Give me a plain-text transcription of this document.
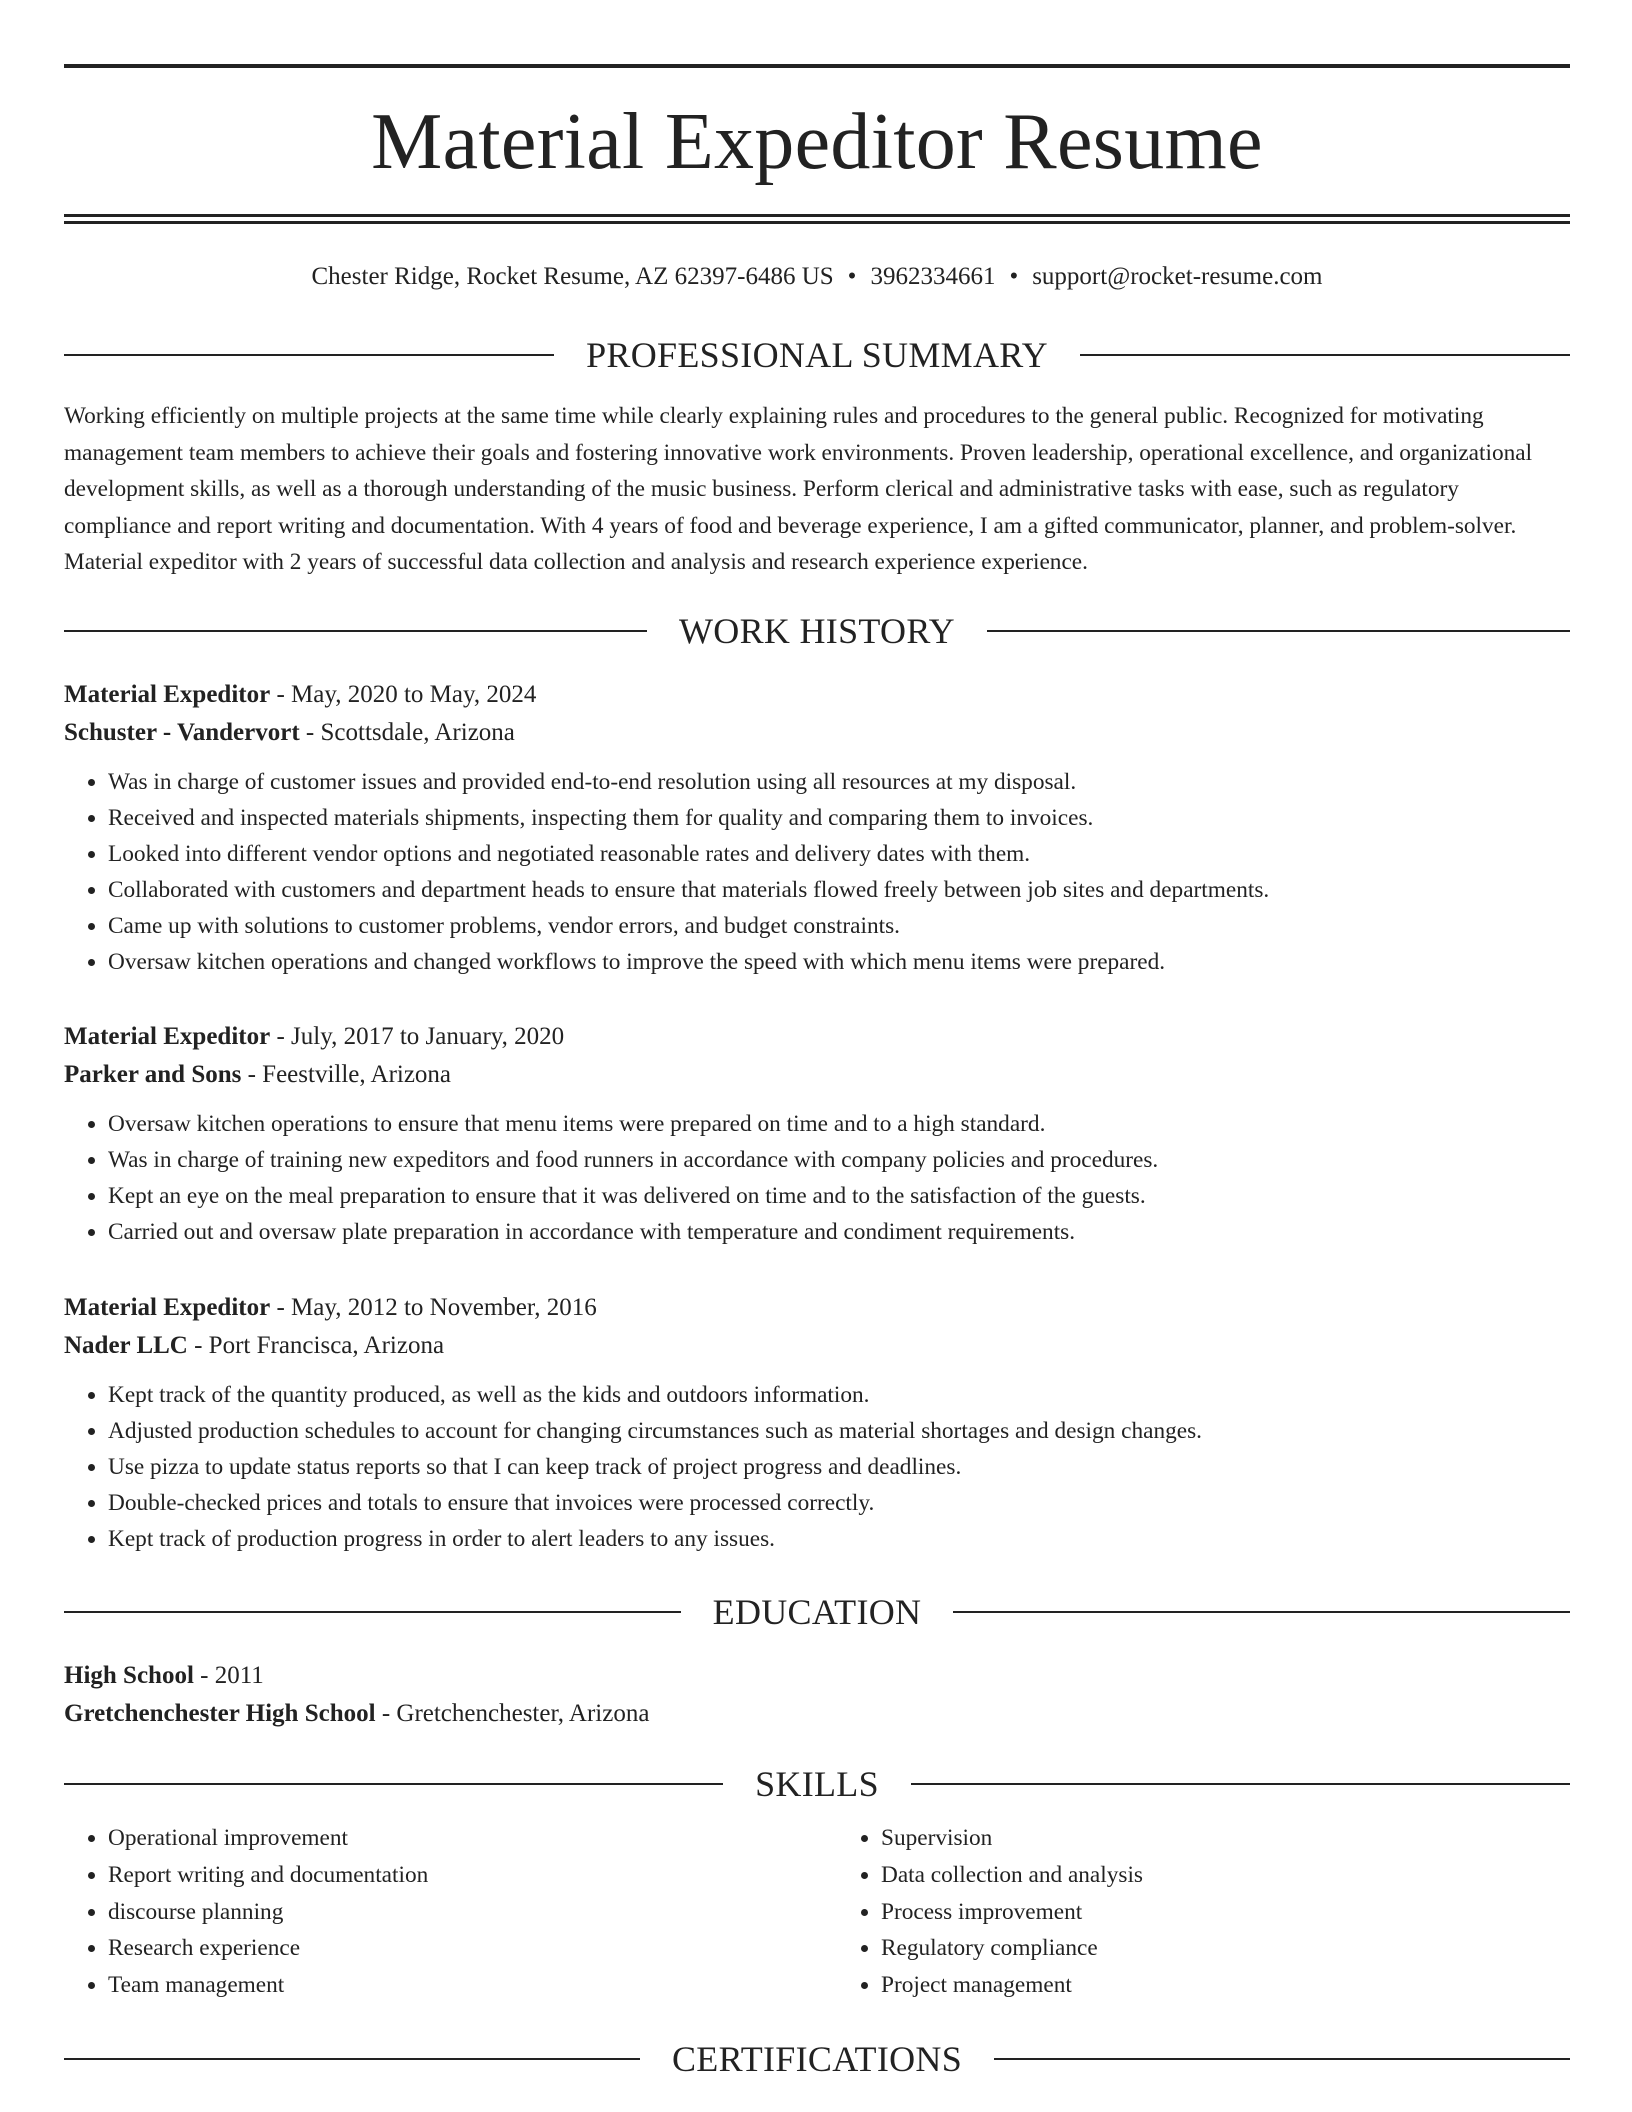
Material Expeditor Resume
Chester Ridge, Rocket Resume, AZ 62397-6486 US • 3962334661 • support@rocket-resume.com
PROFESSIONAL SUMMARY
Working efficiently on multiple projects at the same time while clearly explaining rules and procedures to the general public. Recognized for motivating management team members to achieve their goals and fostering innovative work environments. Proven leadership, operational excellence, and organizational development skills, as well as a thorough understanding of the music business. Perform clerical and administrative tasks with ease, such as regulatory compliance and report writing and documentation. With 4 years of food and beverage experience, I am a gifted communicator, planner, and problem-solver. Material expeditor with 2 years of successful data collection and analysis and research experience experience.
WORK HISTORY
Material Expeditor - May, 2020 to May, 2024
Schuster - Vandervort - Scottsdale, Arizona
• Was in charge of customer issues and provided end-to-end resolution using all resources at my disposal.
• Received and inspected materials shipments, inspecting them for quality and comparing them to invoices.
• Looked into different vendor options and negotiated reasonable rates and delivery dates with them.
• Collaborated with customers and department heads to ensure that materials flowed freely between job sites and departments.
• Came up with solutions to customer problems, vendor errors, and budget constraints.
• Oversaw kitchen operations and changed workflows to improve the speed with which menu items were prepared.
Material Expeditor - July, 2017 to January, 2020
Parker and Sons - Feestville, Arizona
• Oversaw kitchen operations to ensure that menu items were prepared on time and to a high standard.
• Was in charge of training new expeditors and food runners in accordance with company policies and procedures.
• Kept an eye on the meal preparation to ensure that it was delivered on time and to the satisfaction of the guests.
• Carried out and oversaw plate preparation in accordance with temperature and condiment requirements.
Material Expeditor - May, 2012 to November, 2016
Nader LLC - Port Francisca, Arizona
• Kept track of the quantity produced, as well as the kids and outdoors information.
• Adjusted production schedules to account for changing circumstances such as material shortages and design changes.
• Use pizza to update status reports so that I can keep track of project progress and deadlines.
• Double-checked prices and totals to ensure that invoices were processed correctly.
• Kept track of production progress in order to alert leaders to any issues.
EDUCATION
High School - 2011
Gretchenchester High School - Gretchenchester, Arizona
SKILLS
• Operational improvement
• Report writing and documentation
• discourse planning
• Research experience
• Team management
• Supervision
• Data collection and analysis
• Process improvement
• Regulatory compliance
• Project management
CERTIFICATIONS
